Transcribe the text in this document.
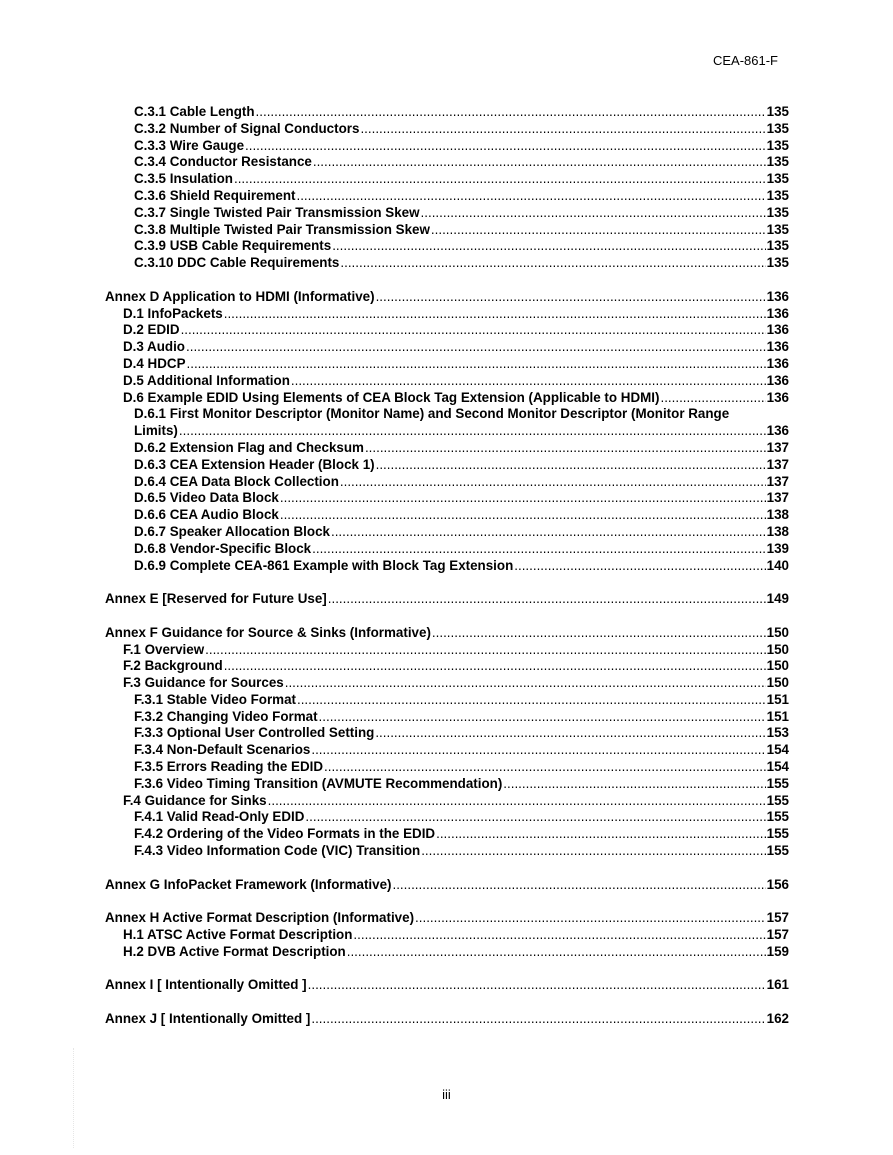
CEA-861-F
C.3.1 Cable Length .....	135
C.3.2 Number of Signal Conductors .....	135
C.3.3 Wire Gauge .....	135
C.3.4 Conductor Resistance .....	135
C.3.5 Insulation .....	135
C.3.6 Shield Requirement .....	135
C.3.7 Single Twisted Pair Transmission Skew .....	135
C.3.8 Multiple Twisted Pair Transmission Skew .....	135
C.3.9 USB Cable Requirements .....	135
C.3.10 DDC Cable Requirements .....	135
Annex D Application to HDMI (Informative) .....	136
D.1 InfoPackets .....	136
D.2 EDID .....	136
D.3 Audio .....	136
D.4 HDCP .....	136
D.5 Additional Information .....	136
D.6 Example EDID Using Elements of CEA Block Tag Extension (Applicable to HDMI) .....	136
D.6.1 First Monitor Descriptor (Monitor Name) and Second Monitor Descriptor (Monitor Range
Limits) .....	136
D.6.2 Extension Flag and Checksum .....	137
D.6.3 CEA Extension Header (Block 1) .....	137
D.6.4 CEA Data Block Collection .....	137
D.6.5 Video Data Block .....	137
D.6.6 CEA Audio Block .....	138
D.6.7 Speaker Allocation Block .....	138
D.6.8 Vendor-Specific Block .....	139
D.6.9 Complete CEA-861 Example with Block Tag Extension .....	140
Annex E [Reserved for Future Use] .....	149
Annex F Guidance for Source & Sinks (Informative) .....	150
F.1 Overview .....	150
F.2 Background .....	150
F.3 Guidance for Sources .....	150
F.3.1 Stable Video Format .....	151
F.3.2 Changing Video Format .....	151
F.3.3 Optional User Controlled Setting .....	153
F.3.4 Non-Default Scenarios .....	154
F.3.5 Errors Reading the EDID .....	154
F.3.6 Video Timing Transition (AVMUTE Recommendation) .....	155
F.4 Guidance for Sinks .....	155
F.4.1 Valid Read-Only EDID .....	155
F.4.2 Ordering of the Video Formats in the EDID .....	155
F.4.3 Video Information Code (VIC) Transition .....	155
Annex G InfoPacket Framework (Informative) .....	156
Annex H Active Format Description (Informative) .....	157
H.1 ATSC Active Format Description .....	157
H.2 DVB Active Format Description .....	159
Annex I [ Intentionally Omitted ] .....	161
Annex J [ Intentionally Omitted ] .....	162
iii
